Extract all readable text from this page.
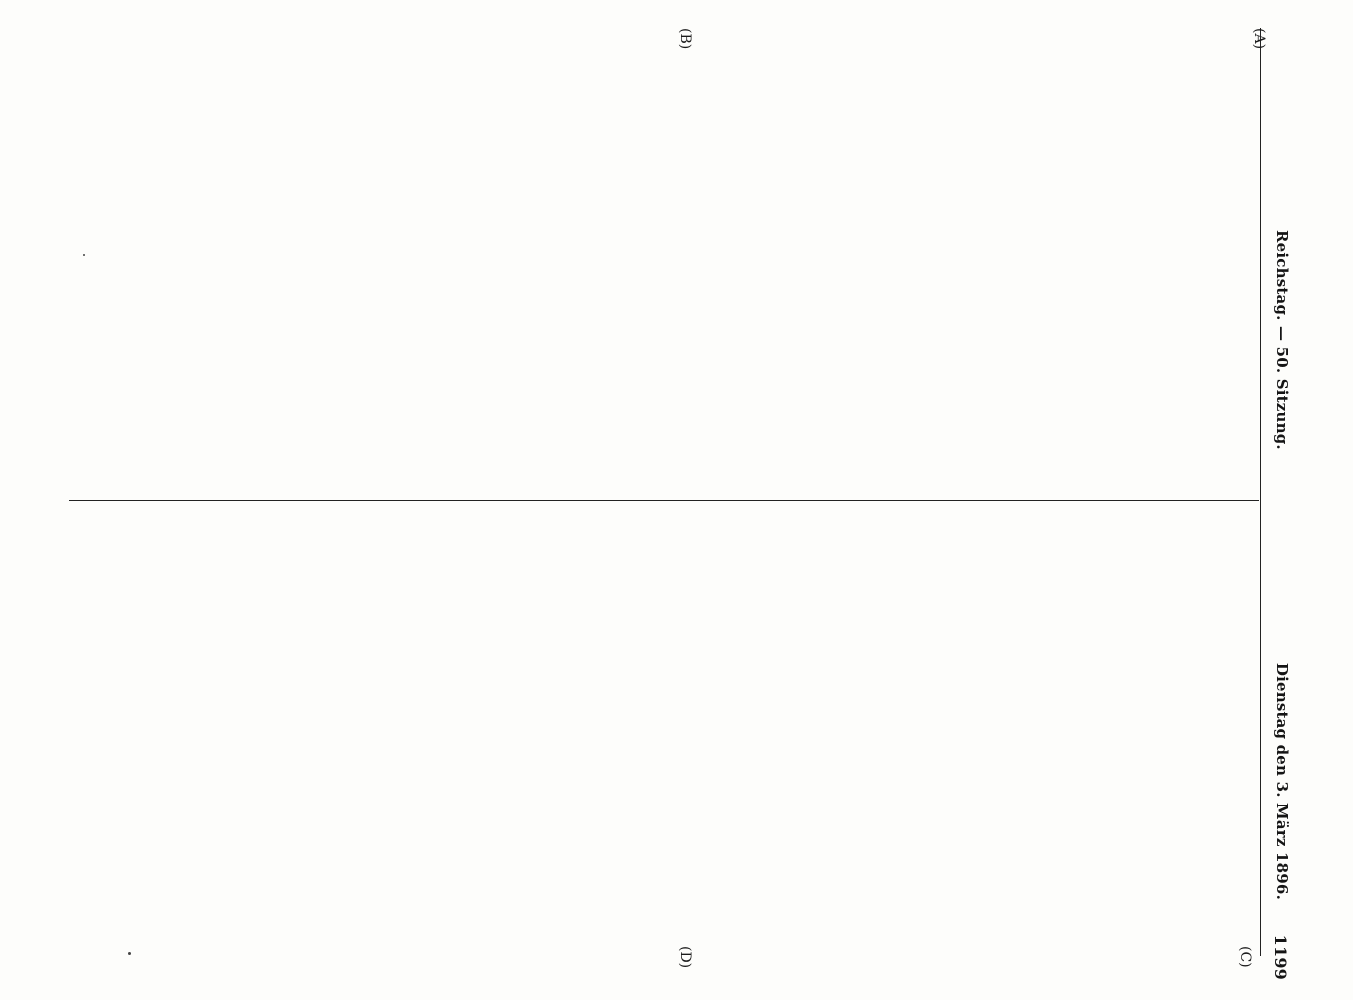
Reichstag. — 50. Sitzung.
Dienstag den 3. März 1896.
1199
(A)
(B)
(C)
(D)
